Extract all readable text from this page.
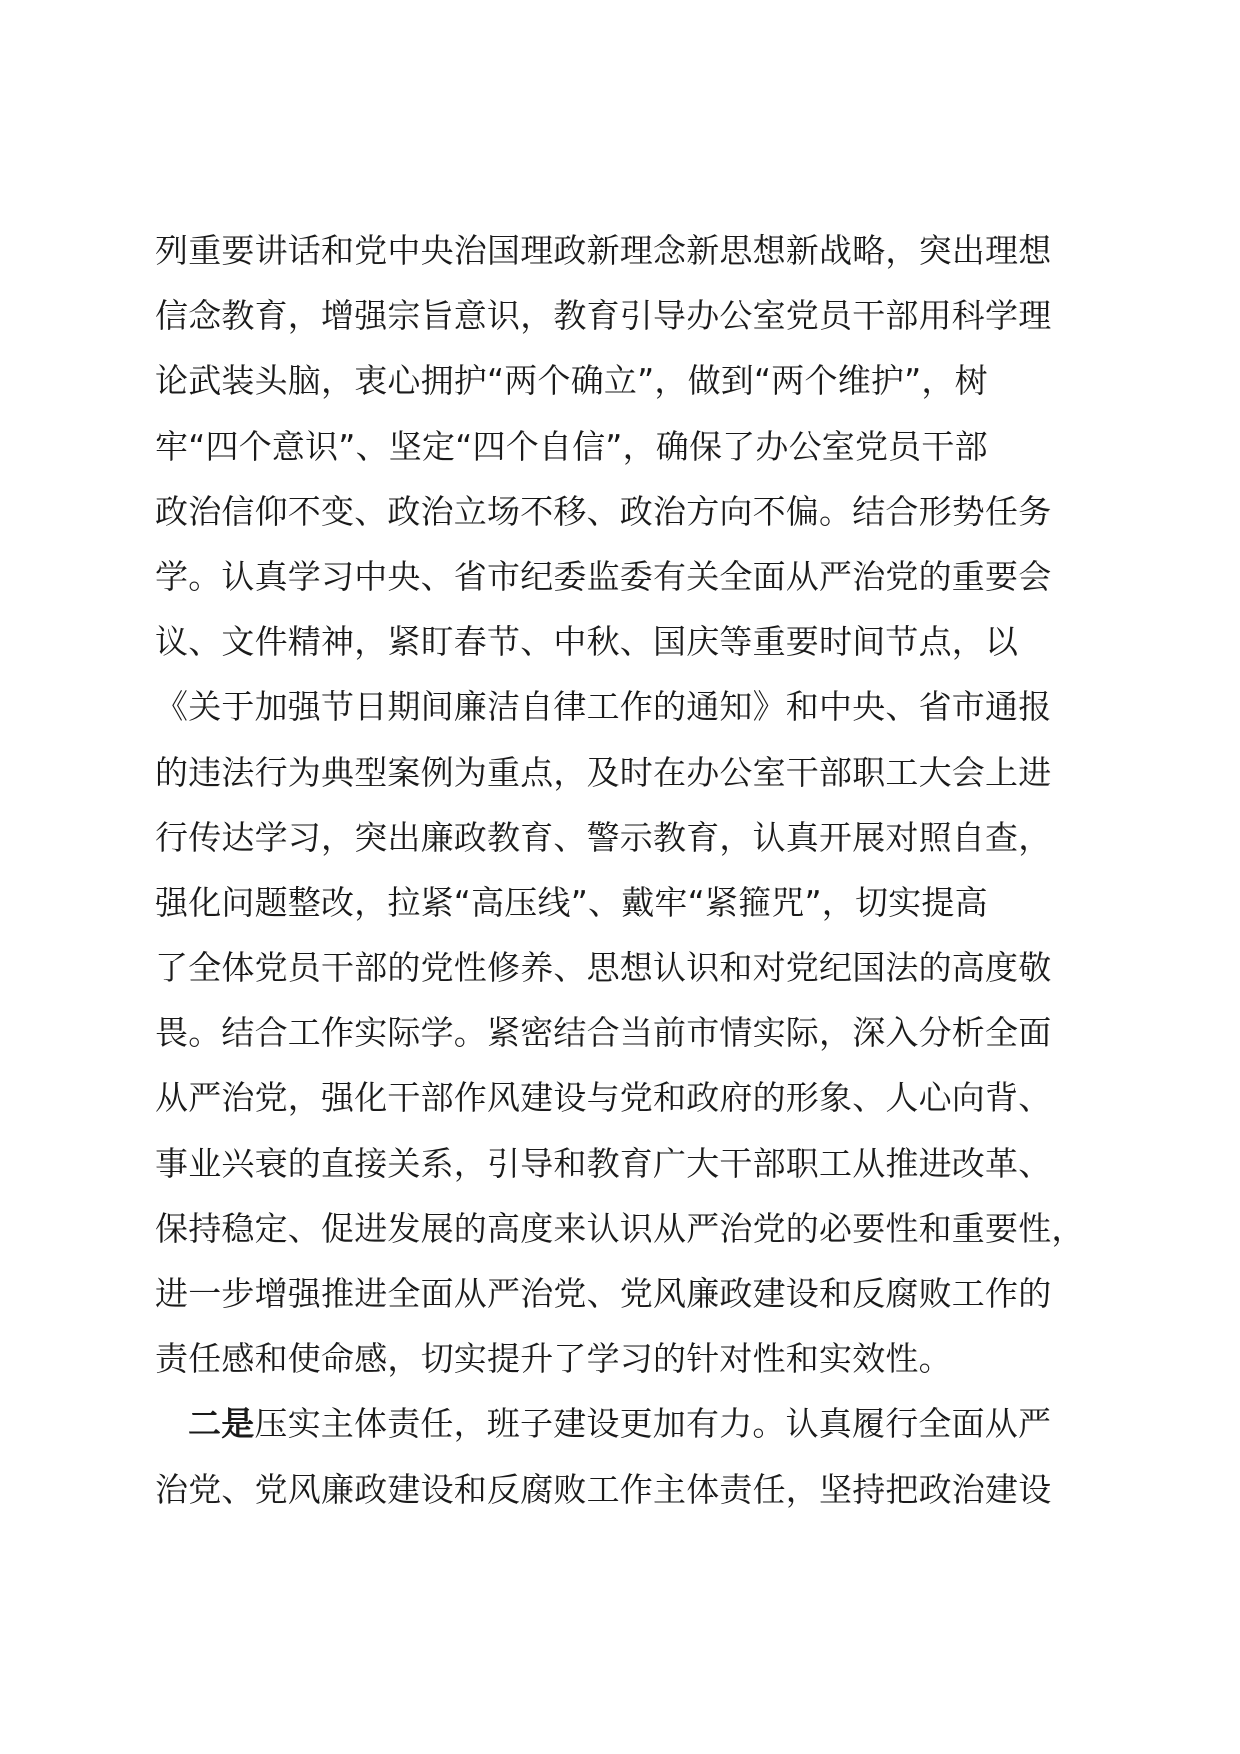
列重要讲话和党中央治国理政新理念新思想新战略，突出理想
信念教育，增强宗旨意识，教育引导办公室党员干部用科学理
论武装头脑，衷心拥护“两个确立”，做到“两个维护”，树
牢“四个意识”、坚定“四个自信”，确保了办公室党员干部
政治信仰不变、政治立场不移、政治方向不偏。结合形势任务
学。认真学习中央、省市纪委监委有关全面从严治党的重要会
议、文件精神，紧盯春节、中秋、国庆等重要时间节点，以
《关于加强节日期间廉洁自律工作的通知》和中央、省市通报
的违法行为典型案例为重点，及时在办公室干部职工大会上进
行传达学习，突出廉政教育、警示教育，认真开展对照自查，
强化问题整改，拉紧“高压线”、戴牢“紧箍咒”，切实提高
了全体党员干部的党性修养、思想认识和对党纪国法的高度敬
畏。结合工作实际学。紧密结合当前市情实际，深入分析全面
从严治党，强化干部作风建设与党和政府的形象、人心向背、
事业兴衰的直接关系，引导和教育广大干部职工从推进改革、
保持稳定、促进发展的高度来认识从严治党的必要性和重要性，
进一步增强推进全面从严治党、党风廉政建设和反腐败工作的
责任感和使命感，切实提升了学习的针对性和实效性。
二是压实主体责任，班子建设更加有力。认真履行全面从严
治党、党风廉政建设和反腐败工作主体责任，坚持把政治建设
